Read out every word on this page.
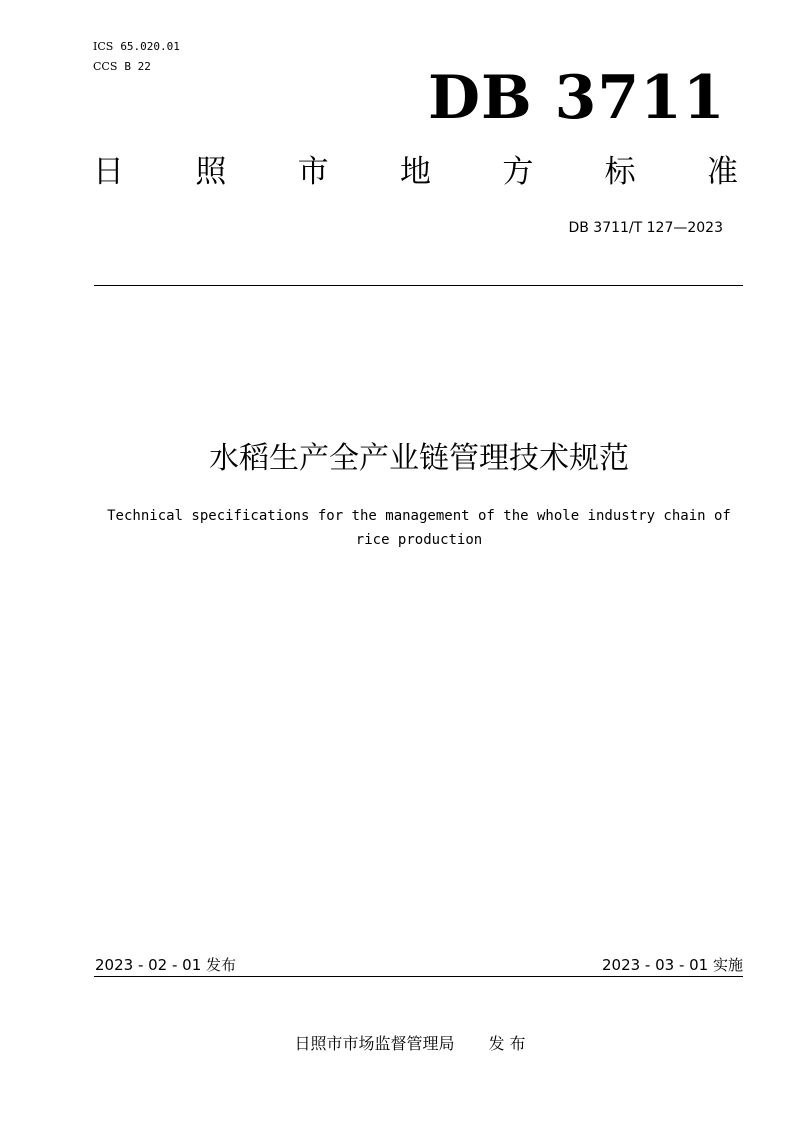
ICS 65.020.01
CCS B 22	DB 3711
日 照 市 地 方 标 准
DB 3711/T 127—2023
水稻生产全产业链管理技术规范
Technical specifications for the management of the whole industry chain of rice production
2023 - 02 - 01 发布	2023 - 03 - 01 实施
日照市市场监督管理局 发 布
